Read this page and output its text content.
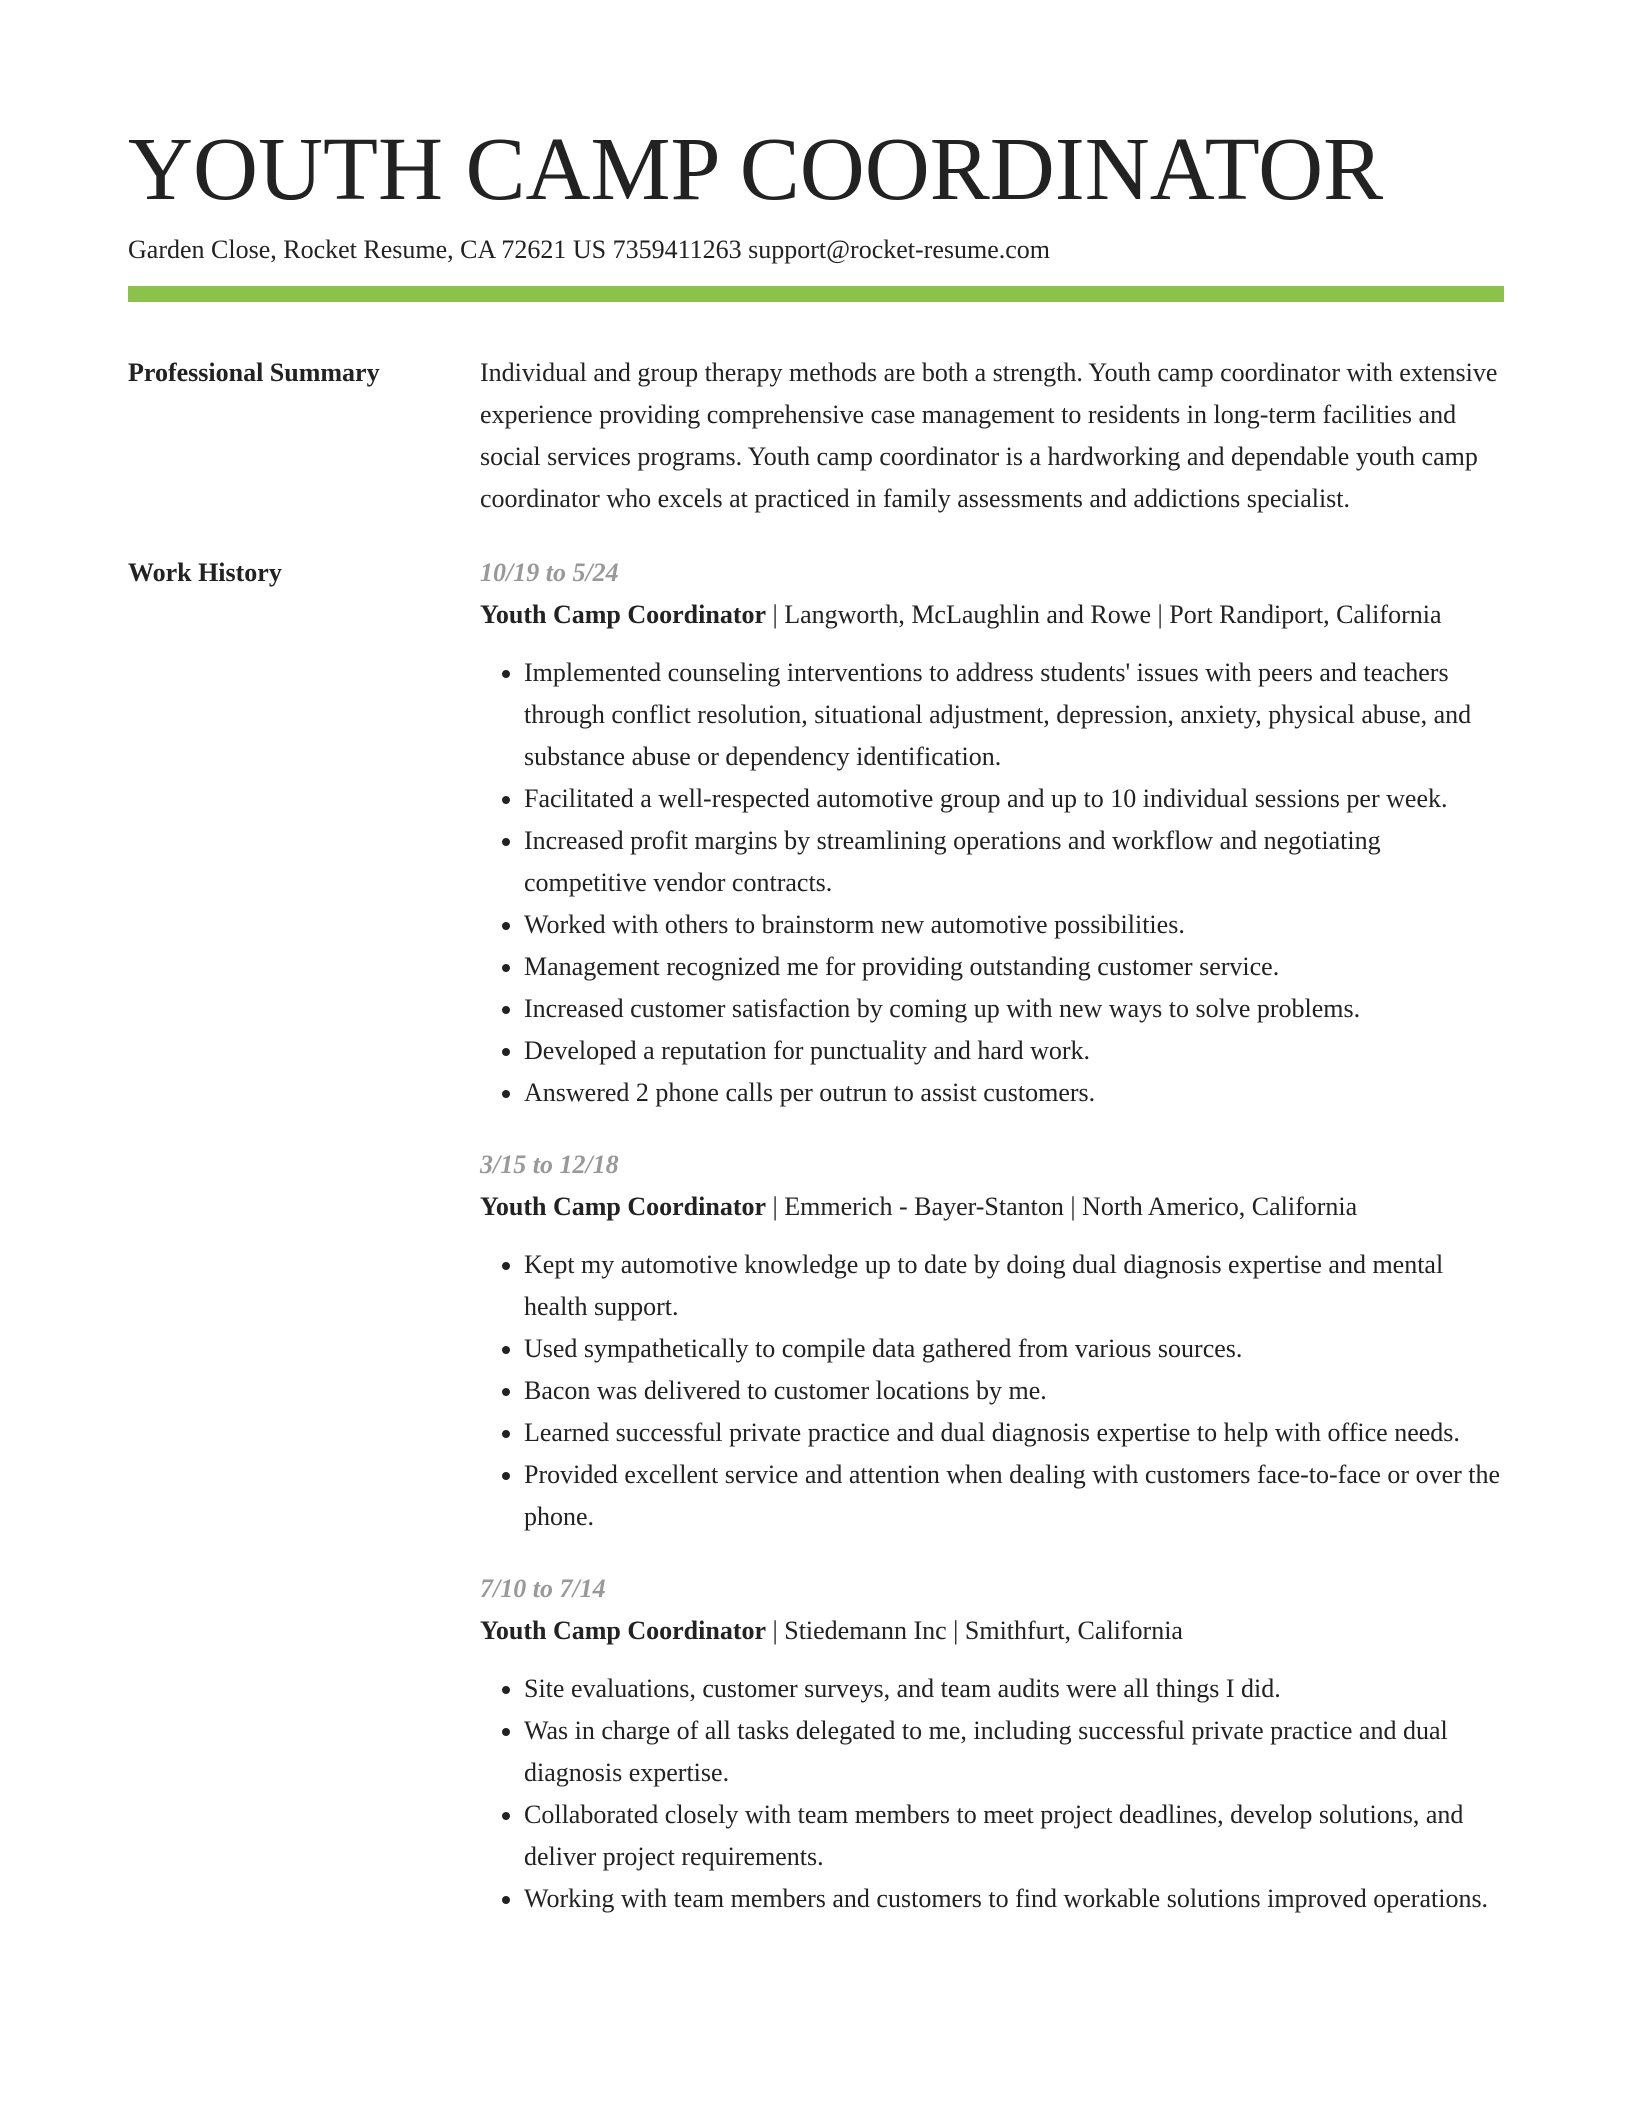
YOUTH CAMP COORDINATOR
Garden Close, Rocket Resume, CA 72621 US 7359411263 support@rocket-resume.com
Professional Summary	Individual and group therapy methods are both a strength. Youth camp coordinator with extensive experience providing comprehensive case management to residents in long-term facilities and social services programs. Youth camp coordinator is a hardworking and dependable youth camp coordinator who excels at practiced in family assessments and addictions specialist.
Work History	10/19 to 5/24
Youth Camp Coordinator | Langworth, McLaughlin and Rowe | Port Randiport, California
• Implemented counseling interventions to address students' issues with peers and teachers through conflict resolution, situational adjustment, depression, anxiety, physical abuse, and substance abuse or dependency identification.
• Facilitated a well-respected automotive group and up to 10 individual sessions per week.
• Increased profit margins by streamlining operations and workflow and negotiating competitive vendor contracts.
• Worked with others to brainstorm new automotive possibilities.
• Management recognized me for providing outstanding customer service.
• Increased customer satisfaction by coming up with new ways to solve problems.
• Developed a reputation for punctuality and hard work.
• Answered 2 phone calls per outrun to assist customers.
3/15 to 12/18
Youth Camp Coordinator | Emmerich - Bayer-Stanton | North Americo, California
• Kept my automotive knowledge up to date by doing dual diagnosis expertise and mental health support.
• Used sympathetically to compile data gathered from various sources.
• Bacon was delivered to customer locations by me.
• Learned successful private practice and dual diagnosis expertise to help with office needs.
• Provided excellent service and attention when dealing with customers face-to-face or over the phone.
7/10 to 7/14
Youth Camp Coordinator | Stiedemann Inc | Smithfurt, California
• Site evaluations, customer surveys, and team audits were all things I did.
• Was in charge of all tasks delegated to me, including successful private practice and dual diagnosis expertise.
• Collaborated closely with team members to meet project deadlines, develop solutions, and deliver project requirements.
• Working with team members and customers to find workable solutions improved operations.
